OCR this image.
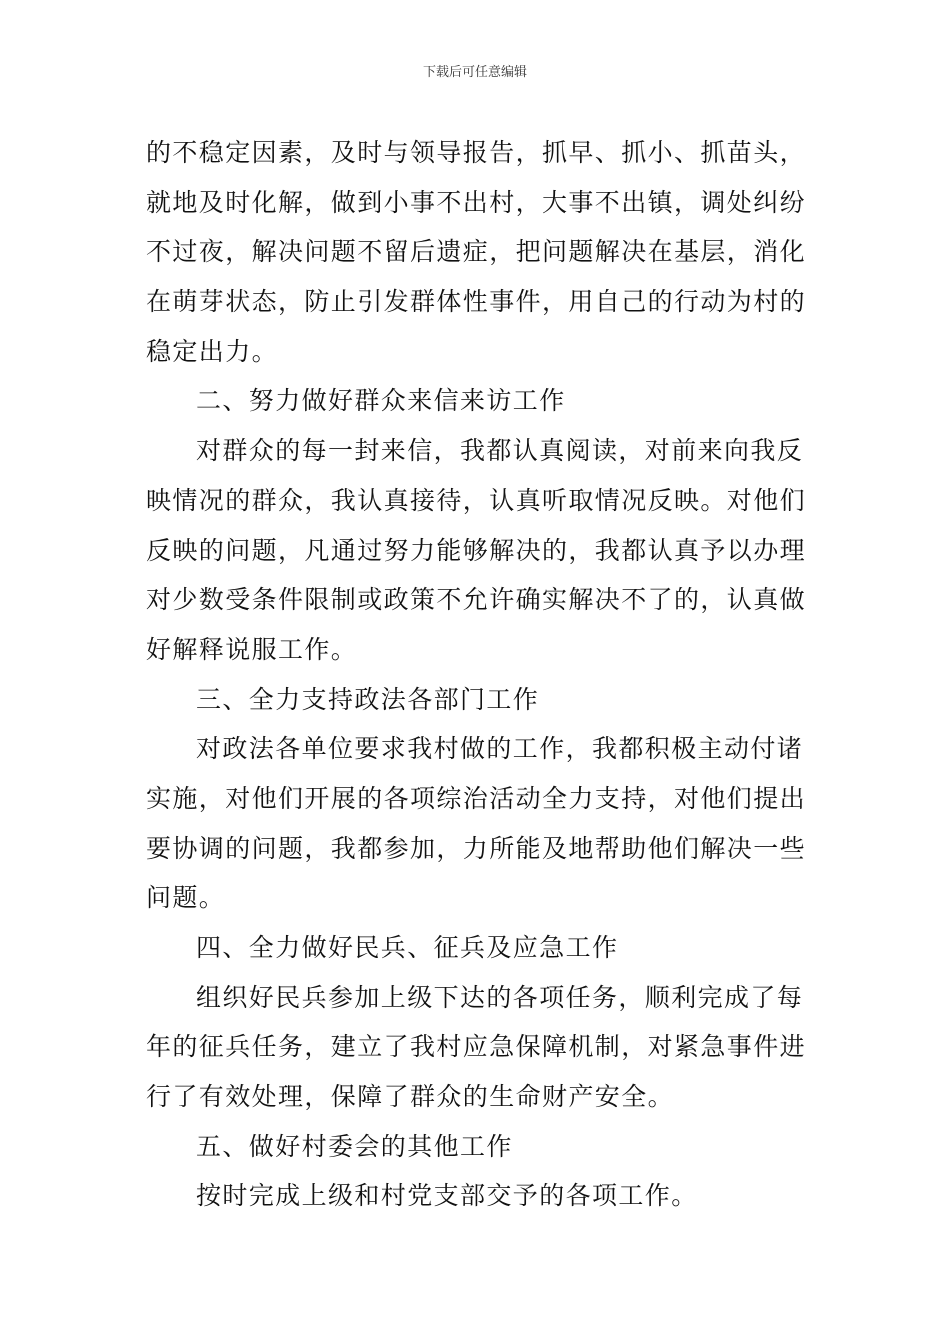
下载后可任意编辑

的不稳定因素，及时与领导报告，抓早、抓小、抓苗头，
就地及时化解，做到小事不出村，大事不出镇，调处纠纷
不过夜，解决问题不留后遗症，把问题解决在基层，消化
在萌芽状态，防止引发群体性事件，用自己的行动为村的
稳定出力。

二、努力做好群众来信来访工作

对群众的每一封来信，我都认真阅读，对前来向我反
映情况的群众，我认真接待，认真听取情况反映。对他们
反映的问题，凡通过努力能够解决的，我都认真予以办理
对少数受条件限制或政策不允许确实解决不了的，认真做
好解释说服工作。

三、全力支持政法各部门工作

对政法各单位要求我村做的工作，我都积极主动付诸
实施，对他们开展的各项综治活动全力支持，对他们提出
要协调的问题，我都参加，力所能及地帮助他们解决一些
问题。

四、全力做好民兵、征兵及应急工作

组织好民兵参加上级下达的各项任务，顺利完成了每
年的征兵任务，建立了我村应急保障机制，对紧急事件进
行了有效处理，保障了群众的生命财产安全。

五、做好村委会的其他工作

按时完成上级和村党支部交予的各项工作。
